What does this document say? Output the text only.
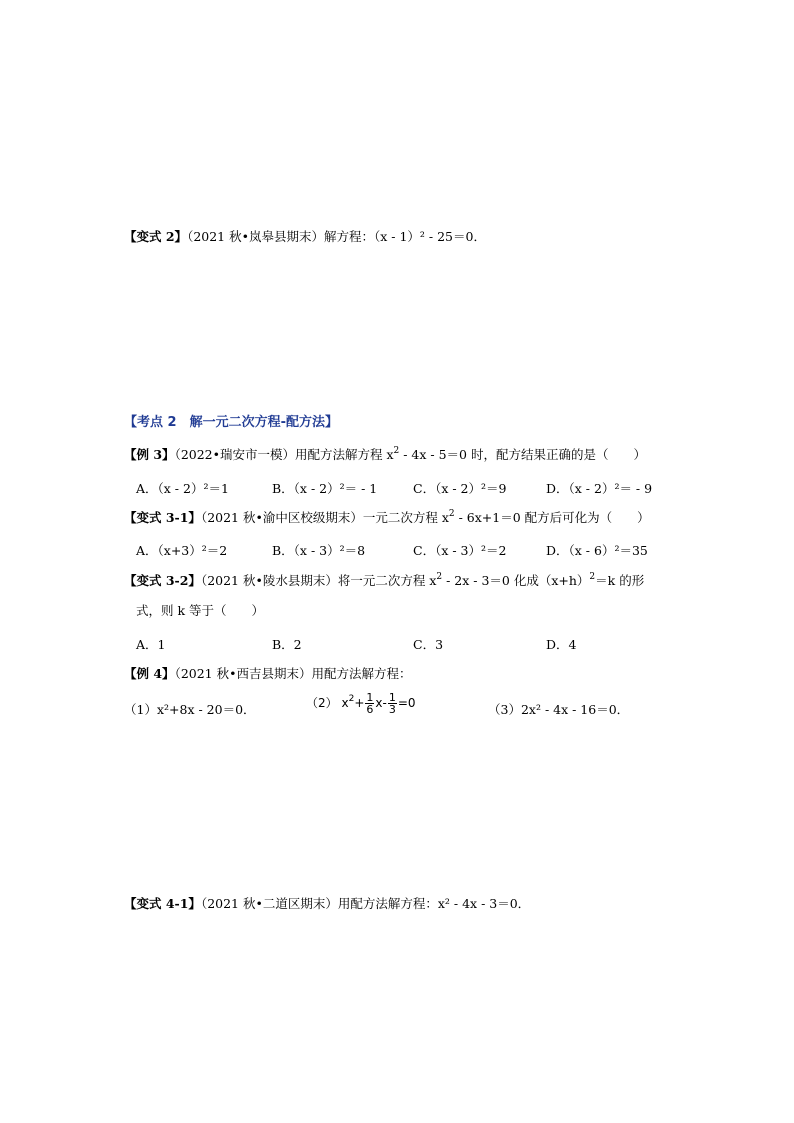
【变式 2】（2021 秋•岚皋县期末）解方程：（x - 1）² - 25＝0．
【考点 2　解一元二次方程-配方法】
【例 3】（2022•瑞安市一模）用配方法解方程 $x^2 - 4x - 5=0$ 时，配方结果正确的是（　　）
A．（x - 2）²＝1	B．（x - 2）²＝ - 1	C．（x - 2）²＝9	D．（x - 2）²＝ - 9
【变式 3-1】（2021 秋•渝中区校级期末）一元二次方程 $x^2 - 6x+1=0$ 配方后可化为（　　）
A．（x+3）²＝2	B．（x - 3）²＝8	C．（x - 3）²＝2	D．（x - 6）²＝35
【变式 3-2】（2021 秋•陵水县期末）将一元二次方程 $x^2 - 2x - 3=0$ 化成$(x+h)^2=k$ 的形
式，则 k 等于（　　）
A．1	B．2	C．3	D．4
【例 4】（2021 秋•西吉县期末）用配方法解方程：
（1）x²+8x - 20＝0．	（2） $x^2+ \frac{1}{6} x- \frac{1}{3} =0$	（3）2x² - 4x - 16＝0．
【变式 4-1】（2021 秋•二道区期末）用配方法解方程：x² - 4x - 3＝0．
